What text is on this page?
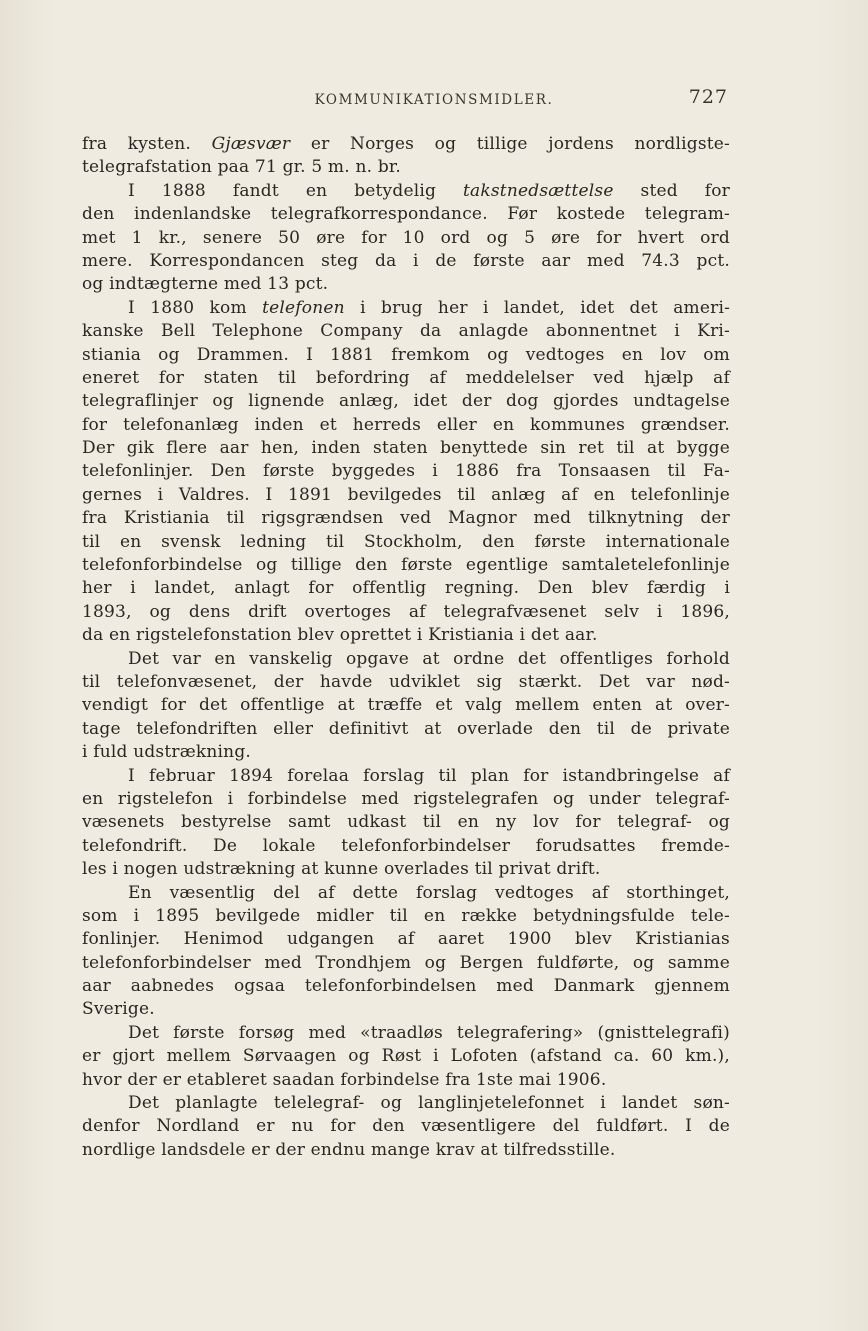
KOMMUNIKATIONSMIDLER.	727
fra kysten. Gjæsvær er Norges og tillige jordens nordligste-
telegrafstation paa 71 gr. 5 m. n. br.
I 1888 fandt en betydelig takstnedsættelse sted for
den indenlandske telegrafkorrespondance. Før kostede telegram-
met 1 kr., senere 50 øre for 10 ord og 5 øre for hvert ord
mere. Korrespondancen steg da i de første aar med 74.3 pct.
og indtægterne med 13 pct.
I 1880 kom telefonen i brug her i landet, idet det ameri-
kanske Bell Telephone Company da anlagde abonnentnet i Kri-
stiania og Drammen. I 1881 fremkom og vedtoges en lov om
eneret for staten til befordring af meddelelser ved hjælp af
telegraflinjer og lignende anlæg, idet der dog gjordes undtagelse
for telefonanlæg inden et herreds eller en kommunes grændser.
Der gik flere aar hen, inden staten benyttede sin ret til at bygge
telefonlinjer. Den første byggedes i 1886 fra Tonsaasen til Fa-
gernes i Valdres. I 1891 bevilgedes til anlæg af en telefonlinje
fra Kristiania til rigsgrændsen ved Magnor med tilknytning der
til en svensk ledning til Stockholm, den første internationale
telefonforbindelse og tillige den første egentlige samtaletelefonlinje
her i landet, anlagt for offentlig regning. Den blev færdig i
1893, og dens drift overtoges af telegrafvæsenet selv i 1896,
da en rigstelefonstation blev oprettet i Kristiania i det aar.
Det var en vanskelig opgave at ordne det offentliges forhold
til telefonvæsenet, der havde udviklet sig stærkt. Det var nød-
vendigt for det offentlige at træffe et valg mellem enten at over-
tage telefondriften eller definitivt at overlade den til de private
i fuld udstrækning.
I februar 1894 forelaa forslag til plan for istandbringelse af
en rigstelefon i forbindelse med rigstelegrafen og under telegraf-
væsenets bestyrelse samt udkast til en ny lov for telegraf- og
telefondrift. De lokale telefonforbindelser forudsattes fremde-
les i nogen udstrækning at kunne overlades til privat drift.
En væsentlig del af dette forslag vedtoges af storthinget,
som i 1895 bevilgede midler til en række betydningsfulde tele-
fonlinjer. Henimod udgangen af aaret 1900 blev Kristianias
telefonforbindelser med Trondhjem og Bergen fuldførte, og samme
aar aabnedes ogsaa telefonforbindelsen med Danmark gjennem
Sverige.
Det første forsøg med «traadløs telegrafering» (gnisttelegrafi)
er gjort mellem Sørvaagen og Røst i Lofoten (afstand ca. 60 km.),
hvor der er etableret saadan forbindelse fra 1ste mai 1906.
Det planlagte telelegraf- og langlinjetelefonnet i landet søn-
denfor Nordland er nu for den væsentligere del fuldført. I de
nordlige landsdele er der endnu mange krav at tilfredsstille.
